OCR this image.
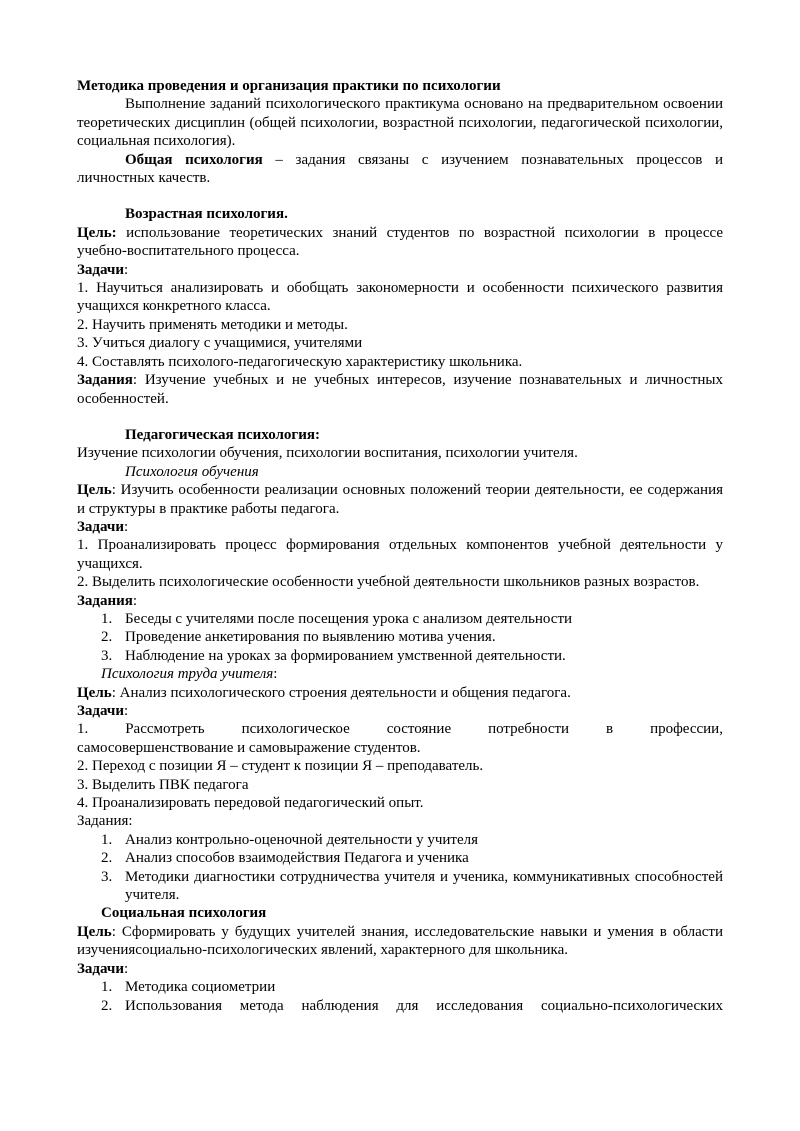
Методика проведения и организация практики по психологии

Выполнение заданий психологического практикума основано на предварительном освоении теоретических дисциплин (общей психологии, возрастной психологии, педагогической психологии, социальная психология).

Общая психология – задания связаны с изучением познавательных процессов и личностных качеств.

Возрастная психология.

Цель: использование теоретических знаний студентов по возрастной психологии в процессе учебно-воспитательного процесса.

Задачи:

1. Научиться анализировать и обобщать закономерности и особенности психического развития учащихся конкретного класса.

2. Научить применять методики и методы.

3. Учиться диалогу с учащимися, учителями

4. Составлять психолого-педагогическую характеристику школьника.

Задания: Изучение учебных и не учебных интересов, изучение познавательных и личностных особенностей.

Педагогическая психология:

Изучение психологии обучения, психологии воспитания, психологии учителя.

Психология обучения

Цель: Изучить особенности реализации основных положений теории деятельности, ее содержания и структуры в практике работы педагога.

Задачи:

1. Проанализировать процесс формирования отдельных компонентов учебной деятельности у учащихся.

2. Выделить психологические особенности учебной деятельности школьников разных возрастов.

Задания:

1. Беседы с учителями после посещения урока с анализом деятельности
2. Проведение анкетирования по выявлению мотива учения.
3. Наблюдение на уроках за формированием умственной деятельности.

Психология труда учителя:

Цель: Анализ психологического строения деятельности и общения педагога.

Задачи:

1. Рассмотреть психологическое состояние потребности в профессии,

самосовершенствование и самовыражение студентов.

2. Переход с позиции Я – студент к позиции Я – преподаватель.

3. Выделить ПВК педагога

4. Проанализировать передовой педагогический опыт.

Задания:

1. Анализ контрольно-оценочной деятельности у учителя
2. Анализ способов взаимодействия Педагога и ученика
3. Методики диагностики сотрудничества учителя и ученика, коммуникативных способностей учителя.

Социальная психология

Цель: Сформировать у будущих учителей знания, исследовательские навыки и умения в области изученияcоциально-психологических явлений, характерного для школьника.

Задачи:

1. Методика социометрии
2. Использования метода наблюдения для исследования социально-психологических
